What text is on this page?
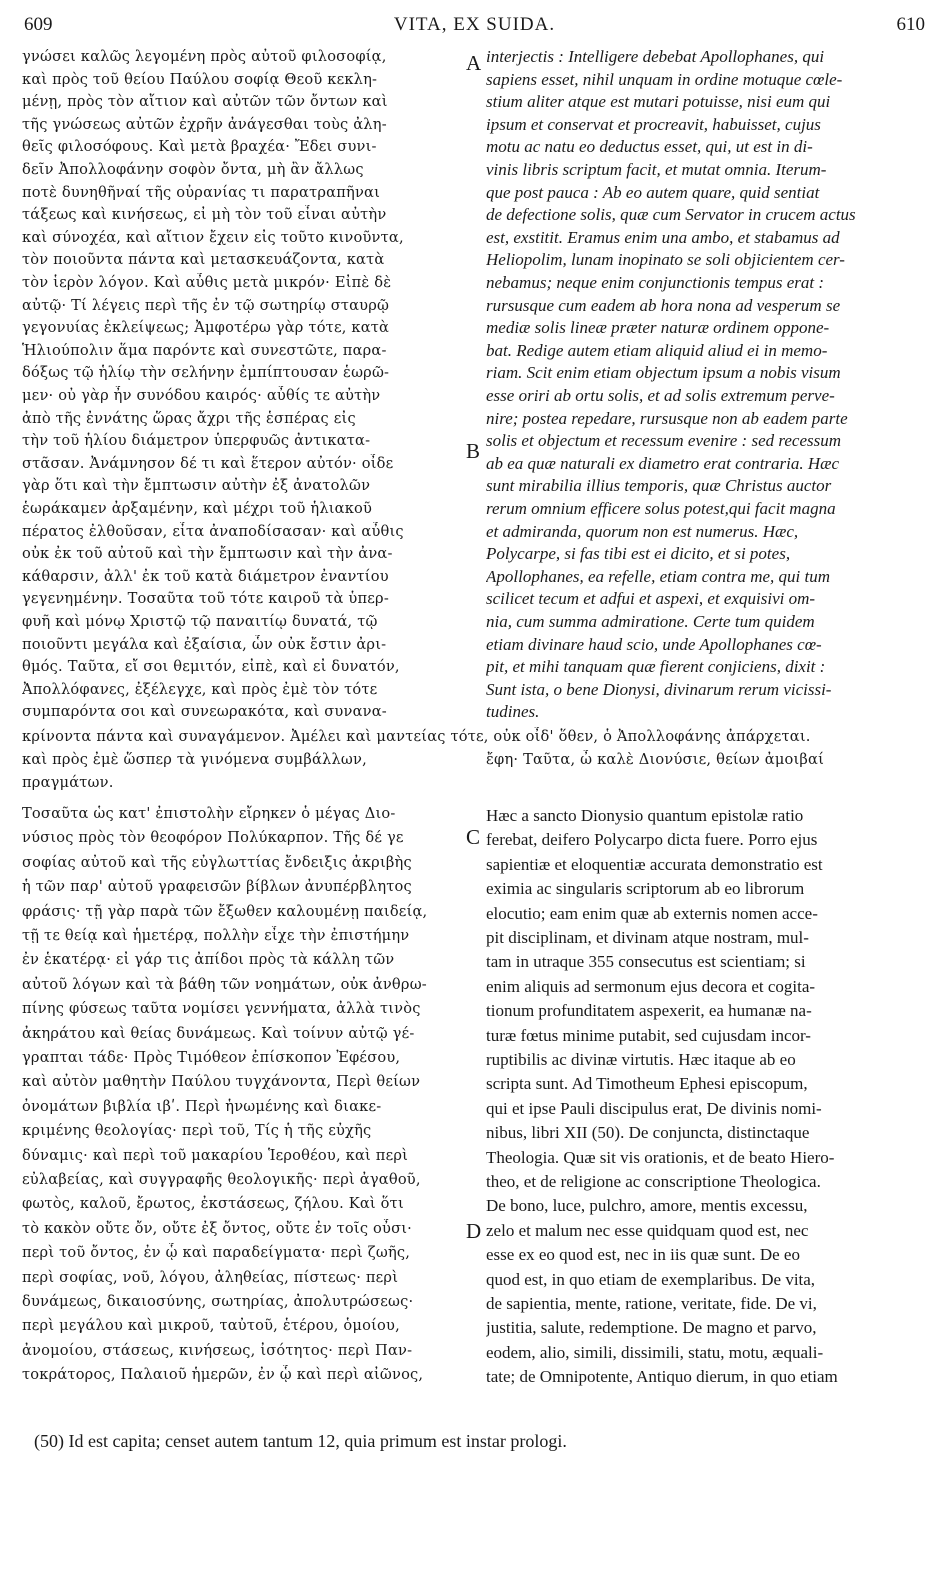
609	VITA, EX SUIDA.	610
γνώσει καλῶς λεγομένη πρὸς αὐτοῦ φιλοσοφίᾳ,
καὶ πρὸς τοῦ θείου Παύλου σοφίᾳ Θεοῦ κεκλη-
μένῃ, πρὸς τὸν αἴτιον καὶ αὐτῶν τῶν ὄντων καὶ
τῆς γνώσεως αὐτῶν ἐχρῆν ἀνάγεσθαι τοὺς ἀλη-
θεῖς φιλοσόφους. Καὶ μετὰ βραχέα· Ἔδει συνι-
δεῖν Ἀπολλοφάνην σοφὸν ὄντα, μὴ ἂν ἄλλως
ποτὲ δυνηθῆναί τῆς οὐρανίας τι παρατραπῆναι
τάξεως καὶ κινήσεως, εἰ μὴ τὸν τοῦ εἶναι αὐτὴν
καὶ σύνοχέα, καὶ αἴτιον ἔχειν εἰς τοῦτο κινοῦντα,
τὸν ποιοῦντα πάντα καὶ μετασκευάζοντα, κατὰ
τὸν ἱερὸν λόγον. Καὶ αὖθις μετὰ μικρόν· Εἰπὲ δὲ
αὐτῷ· Τί λέγεις περὶ τῆς ἐν τῷ σωτηρίῳ σταυρῷ
γεγονυίας ἐκλείψεως; Ἀμφοτέρω γὰρ τότε, κατὰ
Ἡλιούπολιν ἅμα παρόντε καὶ συνεστῶτε, παρα-
δόξως τῷ ἡλίῳ τὴν σελήνην ἐμπίπτουσαν ἑωρῶ-
μεν· οὐ γὰρ ἦν συνόδου καιρός· αὖθίς τε αὐτὴν
ἀπὸ τῆς ἐννάτης ὥρας ἄχρι τῆς ἑσπέρας εἰς
τὴν τοῦ ἡλίου διάμετρον ὑπερφυῶς ἀντικατα-
στᾶσαν. Ἀνάμνησον δέ τι καὶ ἕτερον αὐτόν· οἶδε
γὰρ ὅτι καὶ τὴν ἔμπτωσιν αὐτὴν ἐξ ἀνατολῶν
ἑωράκαμεν ἀρξαμένην, καὶ μέχρι τοῦ ἡλιακοῦ
πέρατος ἐλθοῦσαν, εἶτα ἀναποδίσασαν· καὶ αὖθις
οὐκ ἐκ τοῦ αὐτοῦ καὶ τὴν ἔμπτωσιν καὶ τὴν ἀνα-
κάθαρσιν, ἀλλ' ἐκ τοῦ κατὰ διάμετρον ἐναντίου
γεγενημένην. Τοσαῦτα τοῦ τότε καιροῦ τὰ ὑπερ-
φυῆ καὶ μόνῳ Χριστῷ τῷ παναιτίῳ δυνατά, τῷ
ποιοῦντι μεγάλα καὶ ἐξαίσια, ὧν οὐκ ἔστιν ἀρι-
θμός. Ταῦτα, εἴ σοι θεμιτόν, εἰπὲ, καὶ εἰ δυνατόν,
Ἀπολλόφανες, ἐξέλεγχε, καὶ πρὸς ἐμὲ τὸν τότε
συμπαρόντα σοι καὶ συνεωρακότα, καὶ συνανα-
interjectis : Intelligere debebat Apollophanes, qui
sapiens esset, nihil unquam in ordine motuque cœle-
stium aliter atque est mutari potuisse, nisi eum qui
ipsum et conservat et procreavit, habuisset, cujus
motu ac natu eo deductus esset, qui, ut est in di-
vinis libris scriptum facit, et mutat omnia. Iterum-
que post pauca : Ab eo autem quare, quid sentiat
de defectione solis, quæ cum Servator in crucem actus
est, exstitit. Eramus enim una ambo, et stabamus ad
Heliopolim, lunam inopinato se soli objicientem cer-
nebamus; neque enim conjunctionis tempus erat :
rursusque cum eadem ab hora nona ad vesperum se
mediæ solis lineæ præter naturæ ordinem oppone-
bat. Redige autem etiam aliquid aliud ei in memo-
riam. Scit enim etiam objectum ipsum a nobis visum
esse oriri ab ortu solis, et ad solis extremum perve-
nire; postea repedare, rursusque non ab eadem parte
solis et objectum et recessum evenire : sed recessum
ab ea quæ naturali ex diametro erat contraria. Hæc
sunt mirabilia illius temporis, quæ Christus auctor
rerum omnium efficere solus potest,qui facit magna
et admiranda, quorum non est numerus. Hæc,
Polycarpe, si fas tibi est ei dicito, et si potes,
Apollophanes, ea refelle, etiam contra me, qui tum
scilicet tecum et adfui et aspexi, et exquisivi om-
nia, cum summa admiratione. Certe tum quidem
etiam divinare haud scio, unde Apollophanes cœ-
pit, et mihi tanquam quæ fierent conjiciens, dixit :
Sunt ista, o bene Dionysi, divinarum rerum vicissi-
tudines.
κρίνοντα πάντα καὶ συναγάμενον. Ἀμέλει καὶ μαντείας τότε, οὐκ οἶδ' ὅθεν, ὁ Ἀπολλοφάνης ἀπάρχεται.
καὶ πρὸς ἐμὲ ὥσπερ τὰ γινόμενα συμβάλλων,	ἔφη· Ταῦτα, ὦ καλὲ Διονύσιε, θείων ἀμοιβαί
πραγμάτων.
Τοσαῦτα ὡς κατ' ἐπιστολὴν εἴρηκεν ὁ μέγας Διο-
νύσιος πρὸς τὸν θεοφόρον Πολύκαρπον. Τῆς δέ γε
σοφίας αὐτοῦ καὶ τῆς εὐγλωττίας ἔνδειξις ἀκριβὴς
ἡ τῶν παρ' αὐτοῦ γραφεισῶν βίβλων ἀνυπέρβλητος
φράσις· τῇ γὰρ παρὰ τῶν ἔξωθεν καλουμένῃ παιδείᾳ,
τῇ τε θείᾳ καὶ ἡμετέρᾳ, πολλὴν εἶχε τὴν ἐπιστήμην
ἐν ἑκατέρᾳ· εἰ γάρ τις ἀπίδοι πρὸς τὰ κάλλη τῶν
αὐτοῦ λόγων καὶ τὰ βάθη τῶν νοημάτων, οὐκ ἀνθρω-
πίνης φύσεως ταῦτα νομίσει γεννήματα, ἀλλὰ τινὸς
ἀκηράτου καὶ θείας δυνάμεως. Καὶ τοίνυν αὐτῷ γέ-
γραπται τάδε· Πρὸς Τιμόθεον ἐπίσκοπον Ἐφέσου,
καὶ αὐτὸν μαθητὴν Παύλου τυγχάνοντα, Περὶ θείων
ὀνομάτων βιβλία ιβʹ. Περὶ ἡνωμένης καὶ διακε-
κριμένης θεολογίας· περὶ τοῦ, Τίς ἡ τῆς εὐχῆς
δύναμις· καὶ περὶ τοῦ μακαρίου Ἱεροθέου, καὶ περὶ
εὐλαβείας, καὶ συγγραφῆς θεολογικῆς· περὶ ἀγαθοῦ,
φωτὸς, καλοῦ, ἔρωτος, ἐκστάσεως, ζήλου. Καὶ ὅτι
τὸ κακὸν οὔτε ὄν, οὔτε ἐξ ὄντος, οὔτε ἐν τοῖς οὖσι·
περὶ τοῦ ὄντος, ἐν ᾧ καὶ παραδείγματα· περὶ ζωῆς,
περὶ σοφίας, νοῦ, λόγου, ἀληθείας, πίστεως· περὶ
δυνάμεως, δικαιοσύνης, σωτηρίας, ἀπολυτρώσεως·
περὶ μεγάλου καὶ μικροῦ, ταὐτοῦ, ἑτέρου, ὁμοίου,
ἀνομοίου, στάσεως, κινήσεως, ἰσότητος· περὶ Παν-
τοκράτορος, Παλαιοῦ ἡμερῶν, ἐν ᾧ καὶ περὶ αἰῶνος,
Hæc a sancto Dionysio quantum epistolæ ratio
ferebat, deifero Polycarpo dicta fuere. Porro ejus
sapientiæ et eloquentiæ accurata demonstratio est
eximia ac singularis scriptorum ab eo librorum
elocutio; eam enim quæ ab externis nomen acce-
pit disciplinam, et divinam atque nostram, mul-
tam in utraque 355 consecutus est scientiam; si
enim aliquis ad sermonum ejus decora et cogita-
tionum profunditatem aspexerit, ea humanæ na-
turæ fœtus minime putabit, sed cujusdam incor-
ruptibilis ac divinæ virtutis. Hæc itaque ab eo
scripta sunt. Ad Timotheum Ephesi episcopum,
qui et ipse Pauli discipulus erat, De divinis nomi-
nibus, libri XII (50). De conjuncta, distinctaque
Theologia. Quæ sit vis orationis, et de beato Hiero-
theo, et de religione ac conscriptione Theologica.
De bono, luce, pulchro, amore, mentis excessu,
zelo et malum nec esse quidquam quod est, nec
esse ex eo quod est, nec in iis quæ sunt. De eo
quod est, in quo etiam de exemplaribus. De vita,
de sapientia, mente, ratione, veritate, fide. De vi,
justitia, salute, redemptione. De magno et parvo,
eodem, alio, simili, dissimili, statu, motu, æquali-
tate; de Omnipotente, Antiquo dierum, in quo etiam
A
B
C
D
(50) Id est capita; censet autem tantum 12, quia primum est instar prologi.
